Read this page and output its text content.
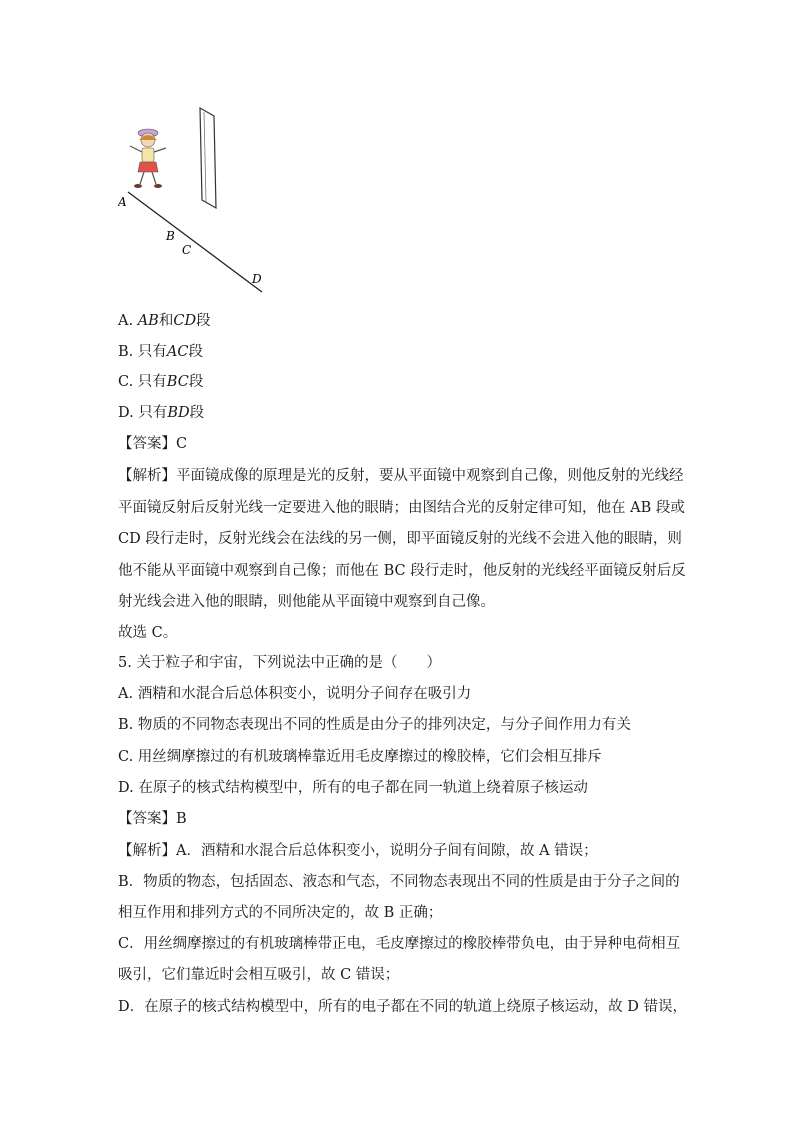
A
B
C
D
A. AB和CD段
B. 只有AC段
C. 只有BC段
D. 只有BD段
【答案】C
【解析】平面镜成像的原理是光的反射，要从平面镜中观察到自己像，则他反射的光线经
平面镜反射后反射光线一定要进入他的眼睛；由图结合光的反射定律可知，他在 AB 段或
CD 段行走时，反射光线会在法线的另一侧，即平面镜反射的光线不会进入他的眼睛，则
他不能从平面镜中观察到自己像；而他在 BC 段行走时，他反射的光线经平面镜反射后反
射光线会进入他的眼睛，则他能从平面镜中观察到自己像。
故选 C。
5. 关于粒子和宇宙，下列说法中正确的是（　　）
A. 酒精和水混合后总体积变小，说明分子间存在吸引力
B. 物质的不同物态表现出不同的性质是由分子的排列决定，与分子间作用力有关
C. 用丝绸摩擦过的有机玻璃棒靠近用毛皮摩擦过的橡胶棒，它们会相互排斥
D. 在原子的核式结构模型中，所有的电子都在同一轨道上绕着原子核运动
【答案】B
【解析】A．酒精和水混合后总体积变小，说明分子间有间隙，故 A 错误；
B．物质的物态，包括固态、液态和气态，不同物态表现出不同的性质是由于分子之间的
相互作用和排列方式的不同所决定的，故 B 正确；
C．用丝绸摩擦过的有机玻璃棒带正电，毛皮摩擦过的橡胶棒带负电，由于异种电荷相互
吸引，它们靠近时会相互吸引，故 C 错误；
D．在原子的核式结构模型中，所有的电子都在不同的轨道上绕原子核运动，故 D 错误，
